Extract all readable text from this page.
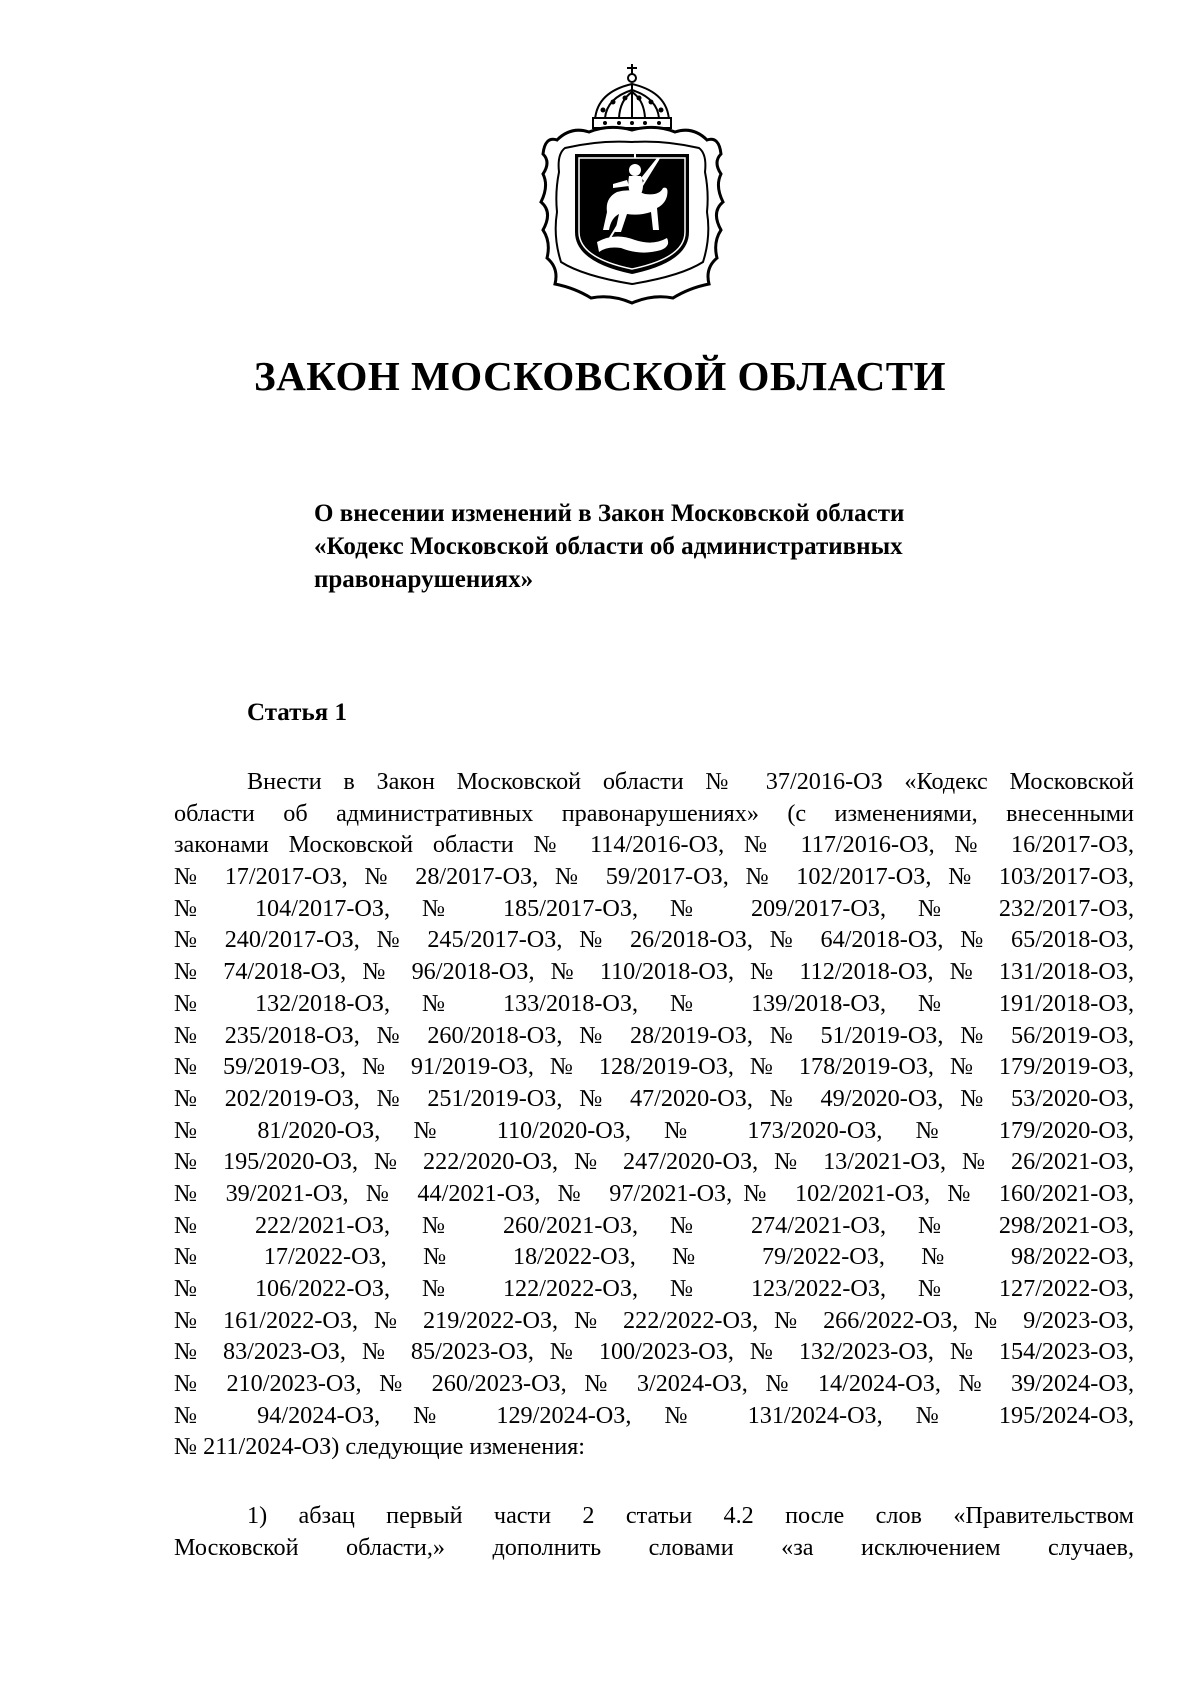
ЗАКОН МОСКОВСКОЙ ОБЛАСТИ
О внесении изменений в Закон Московской области
«Кодекс Московской области об административных
правонарушениях»
Статья 1
Внести в Закон Московской области № 37/2016-ОЗ «Кодекс Московской
области об административных правонарушениях» (с изменениями, внесенными
законами Московской области № 114/2016-ОЗ, № 117/2016-ОЗ, № 16/2017-ОЗ,
№ 17/2017-ОЗ, № 28/2017-ОЗ, № 59/2017-ОЗ, № 102/2017-ОЗ, № 103/2017-ОЗ,
№ 104/2017-ОЗ, № 185/2017-ОЗ, № 209/2017-ОЗ, № 232/2017-ОЗ,
№ 240/2017-ОЗ, № 245/2017-ОЗ, № 26/2018-ОЗ, № 64/2018-ОЗ, № 65/2018-ОЗ,
№ 74/2018-ОЗ, № 96/2018-ОЗ, № 110/2018-ОЗ, № 112/2018-ОЗ, № 131/2018-ОЗ,
№ 132/2018-ОЗ, № 133/2018-ОЗ, № 139/2018-ОЗ, № 191/2018-ОЗ,
№ 235/2018-ОЗ, № 260/2018-ОЗ, № 28/2019-ОЗ, № 51/2019-ОЗ, № 56/2019-ОЗ,
№ 59/2019-ОЗ, № 91/2019-ОЗ, № 128/2019-ОЗ, № 178/2019-ОЗ, № 179/2019-ОЗ,
№ 202/2019-ОЗ, № 251/2019-ОЗ, № 47/2020-ОЗ, № 49/2020-ОЗ, № 53/2020-ОЗ,
№ 81/2020-ОЗ, № 110/2020-ОЗ, № 173/2020-ОЗ, № 179/2020-ОЗ,
№ 195/2020-ОЗ, № 222/2020-ОЗ, № 247/2020-ОЗ, № 13/2021-ОЗ, № 26/2021-ОЗ,
№ 39/2021-ОЗ, № 44/2021-ОЗ, № 97/2021-ОЗ,№ 102/2021-ОЗ, № 160/2021-ОЗ,
№ 222/2021-ОЗ, № 260/2021-ОЗ, № 274/2021-ОЗ, № 298/2021-ОЗ,
№ 17/2022-ОЗ, № 18/2022-ОЗ, № 79/2022-ОЗ, № 98/2022-ОЗ,
№ 106/2022-ОЗ, № 122/2022-ОЗ, № 123/2022-ОЗ, № 127/2022-ОЗ,
№ 161/2022-ОЗ, № 219/2022-ОЗ, № 222/2022-ОЗ, № 266/2022-ОЗ, № 9/2023-ОЗ,
№ 83/2023-ОЗ, № 85/2023-ОЗ, № 100/2023-ОЗ, № 132/2023-ОЗ, № 154/2023-ОЗ,
№ 210/2023-ОЗ, № 260/2023-ОЗ, № 3/2024-ОЗ, № 14/2024-ОЗ, № 39/2024-ОЗ,
№ 94/2024-ОЗ, № 129/2024-ОЗ, № 131/2024-ОЗ, № 195/2024-ОЗ,
№ 211/2024-ОЗ) следующие изменения:
1) абзац первый части 2 статьи 4.2 после слов «Правительством
Московской области,» дополнить словами «за исключением случаев,
